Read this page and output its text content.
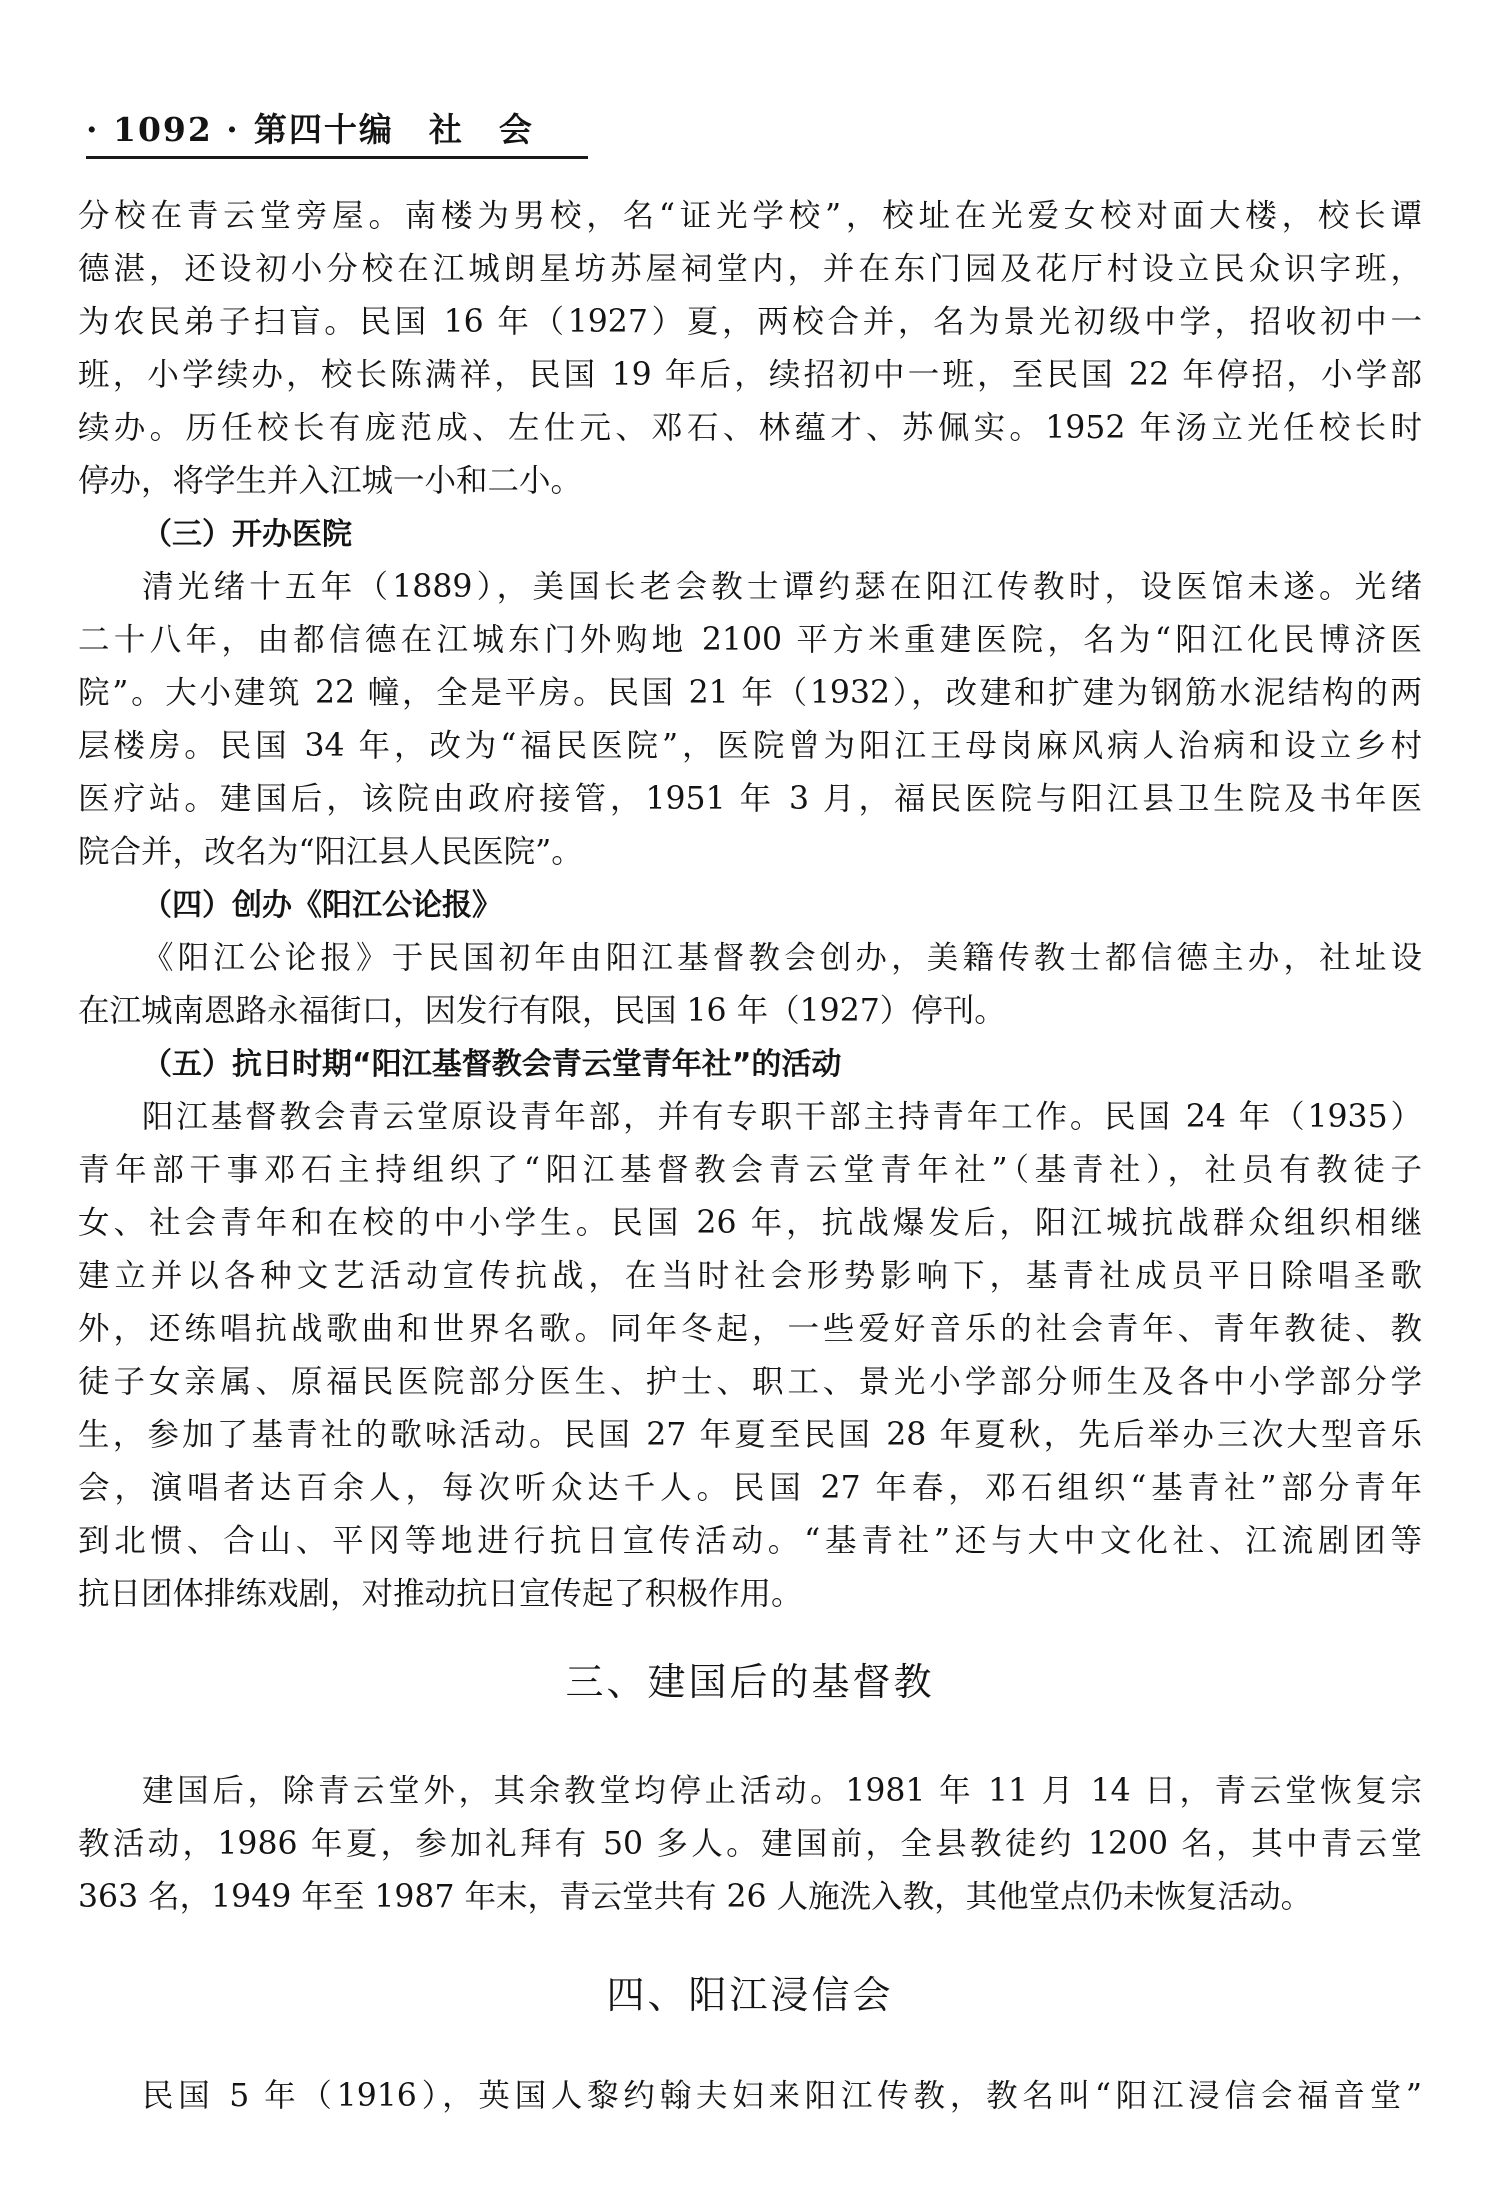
· 1092 · 第四十编　社　会
分校在青云堂旁屋。南楼为男校，名“证光学校”，校址在光爱女校对面大楼，校长谭
德湛，还设初小分校在江城朗星坊苏屋祠堂内，并在东门园及花厅村设立民众识字班，
为农民弟子扫盲。民国 16 年（1927）夏，两校合并，名为景光初级中学，招收初中一
班，小学续办，校长陈满祥，民国 19 年后，续招初中一班，至民国 22 年停招，小学部
续办。历任校长有庞范成、左仕元、邓石、林蕴才、苏佩实。1952 年汤立光任校长时
停办，将学生并入江城一小和二小。
（三）开办医院
清光绪十五年（1889），美国长老会教士谭约瑟在阳江传教时，设医馆未遂。光绪
二十八年，由都信德在江城东门外购地 2100 平方米重建医院，名为“阳江化民博济医
院”。大小建筑 22 幢，全是平房。民国 21 年（1932），改建和扩建为钢筋水泥结构的两
层楼房。民国 34 年，改为“福民医院”，医院曾为阳江王母岗麻风病人治病和设立乡村
医疗站。建国后，该院由政府接管，1951 年 3 月，福民医院与阳江县卫生院及书年医
院合并，改名为“阳江县人民医院”。
（四）创办《阳江公论报》
《阳江公论报》于民国初年由阳江基督教会创办，美籍传教士都信德主办，社址设
在江城南恩路永福街口，因发行有限，民国 16 年（1927）停刊。
（五）抗日时期“阳江基督教会青云堂青年社”的活动
阳江基督教会青云堂原设青年部，并有专职干部主持青年工作。民国 24 年（1935）
青年部干事邓石主持组织了“阳江基督教会青云堂青年社”（基青社），社员有教徒子
女、社会青年和在校的中小学生。民国 26 年，抗战爆发后，阳江城抗战群众组织相继
建立并以各种文艺活动宣传抗战，在当时社会形势影响下，基青社成员平日除唱圣歌
外，还练唱抗战歌曲和世界名歌。同年冬起，一些爱好音乐的社会青年、青年教徒、教
徒子女亲属、原福民医院部分医生、护士、职工、景光小学部分师生及各中小学部分学
生，参加了基青社的歌咏活动。民国 27 年夏至民国 28 年夏秋，先后举办三次大型音乐
会，演唱者达百余人，每次听众达千人。民国 27 年春，邓石组织“基青社”部分青年
到北惯、合山、平冈等地进行抗日宣传活动。“基青社”还与大中文化社、江流剧团等
抗日团体排练戏剧，对推动抗日宣传起了积极作用。
三、建国后的基督教
建国后，除青云堂外，其余教堂均停止活动。1981 年 11 月 14 日，青云堂恢复宗
教活动，1986 年夏，参加礼拜有 50 多人。建国前，全县教徒约 1200 名，其中青云堂
363 名，1949 年至 1987 年末，青云堂共有 26 人施洗入教，其他堂点仍未恢复活动。
四、阳江浸信会
民国 5 年（1916），英国人黎约翰夫妇来阳江传教，教名叫“阳江浸信会福音堂”
